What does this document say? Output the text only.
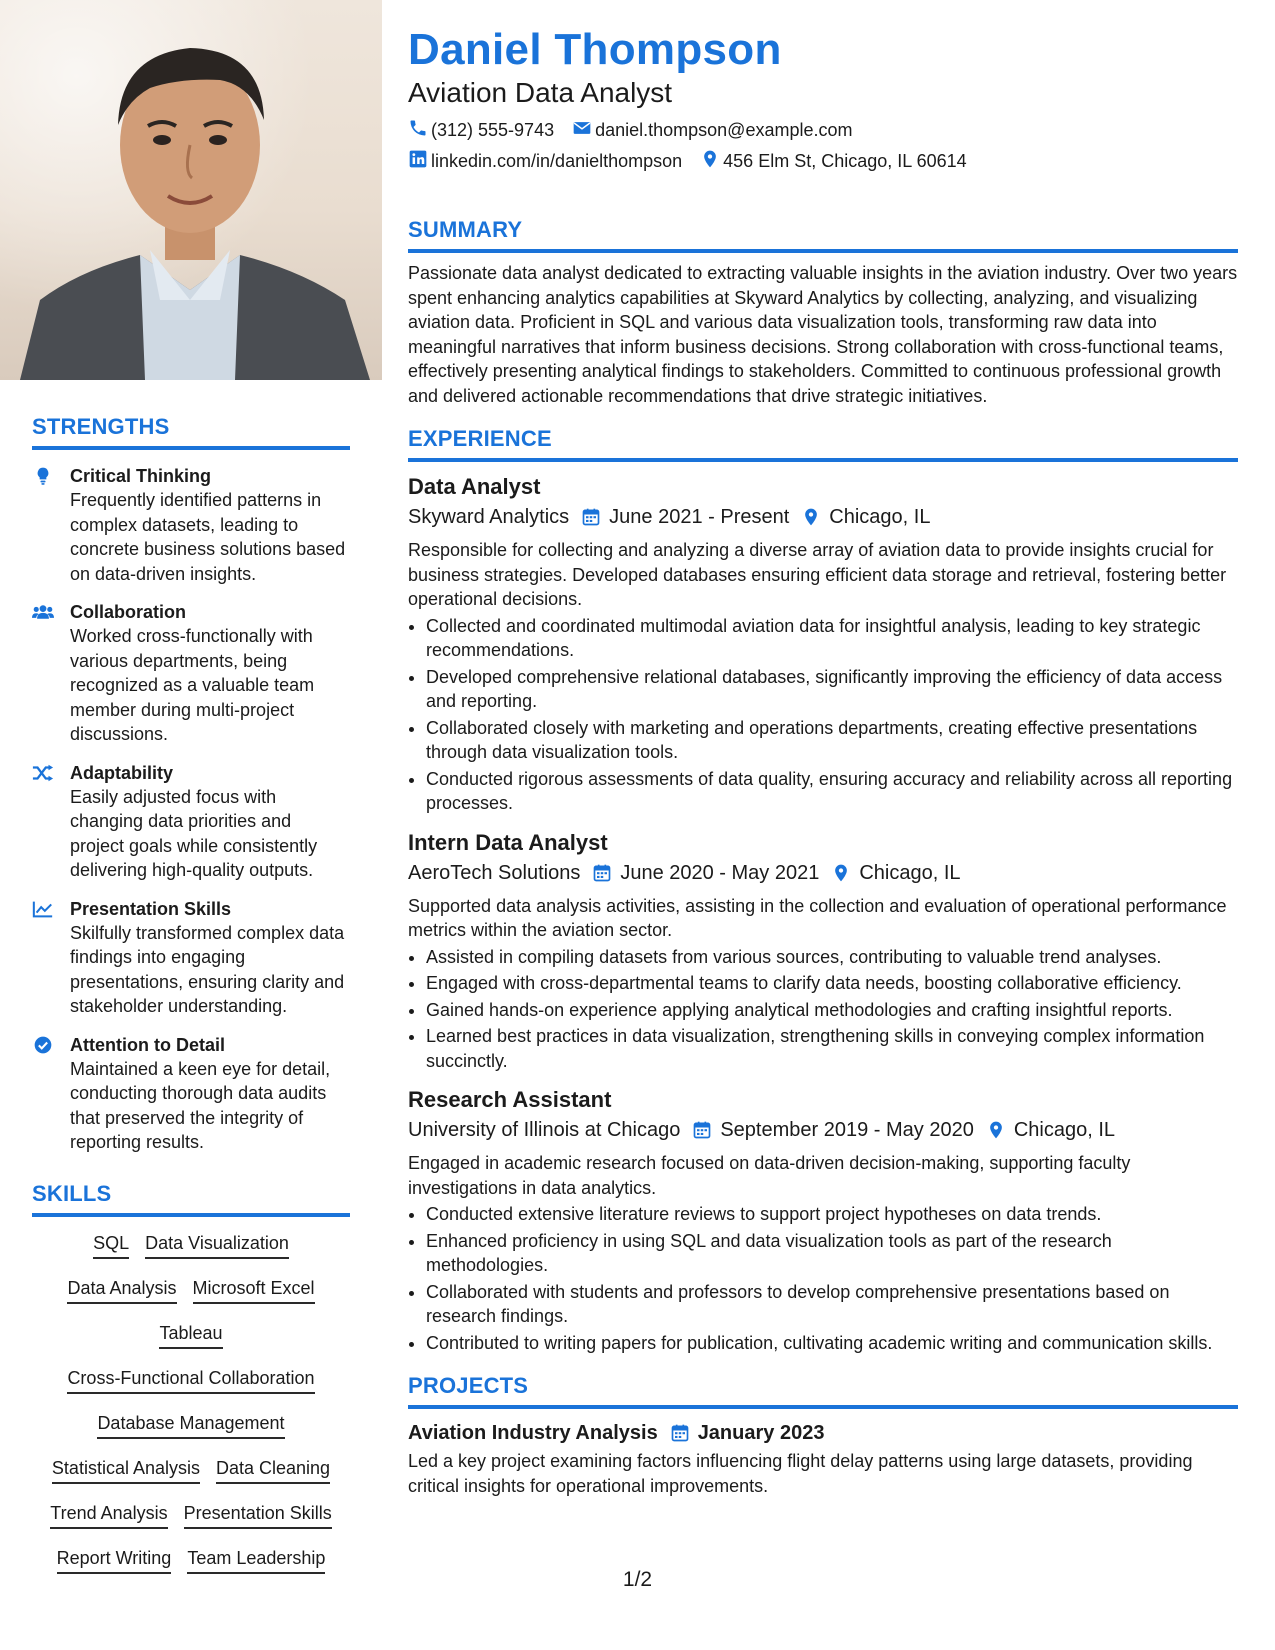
STRENGTHS
Critical Thinking
Frequently identified patterns in complex datasets, leading to concrete business solutions based on data-driven insights.
Collaboration
Worked cross-functionally with various departments, being recognized as a valuable team member during multi-project discussions.
Adaptability
Easily adjusted focus with changing data priorities and project goals while consistently delivering high-quality outputs.
Presentation Skills
Skilfully transformed complex data findings into engaging presentations, ensuring clarity and stakeholder understanding.
Attention to Detail
Maintained a keen eye for detail, conducting thorough data audits that preserved the integrity of reporting results.
SKILLS
SQL Data Visualization
Data Analysis Microsoft Excel
Tableau
Cross-Functional Collaboration
Database Management
Statistical Analysis Data Cleaning
Trend Analysis Presentation Skills
Report Writing Team Leadership
Daniel Thompson
Aviation Data Analyst
(312) 555-9743 daniel.thompson@example.com
linkedin.com/in/danielthompson 456 Elm St, Chicago, IL 60614
SUMMARY
Passionate data analyst dedicated to extracting valuable insights in the aviation industry. Over two years spent enhancing analytics capabilities at Skyward Analytics by collecting, analyzing, and visualizing aviation data. Proficient in SQL and various data visualization tools, transforming raw data into meaningful narratives that inform business decisions. Strong collaboration with cross-functional teams, effectively presenting analytical findings to stakeholders. Committed to continuous professional growth and delivered actionable recommendations that drive strategic initiatives.
EXPERIENCE
Data Analyst
Skyward Analytics June 2021 - Present Chicago, IL
Responsible for collecting and analyzing a diverse array of aviation data to provide insights crucial for business strategies. Developed databases ensuring efficient data storage and retrieval, fostering better operational decisions.
• Collected and coordinated multimodal aviation data for insightful analysis, leading to key strategic recommendations.
• Developed comprehensive relational databases, significantly improving the efficiency of data access and reporting.
• Collaborated closely with marketing and operations departments, creating effective presentations through data visualization tools.
• Conducted rigorous assessments of data quality, ensuring accuracy and reliability across all reporting processes.
Intern Data Analyst
AeroTech Solutions June 2020 - May 2021 Chicago, IL
Supported data analysis activities, assisting in the collection and evaluation of operational performance metrics within the aviation sector.
• Assisted in compiling datasets from various sources, contributing to valuable trend analyses.
• Engaged with cross-departmental teams to clarify data needs, boosting collaborative efficiency.
• Gained hands-on experience applying analytical methodologies and crafting insightful reports.
• Learned best practices in data visualization, strengthening skills in conveying complex information succinctly.
Research Assistant
University of Illinois at Chicago September 2019 - May 2020 Chicago, IL
Engaged in academic research focused on data-driven decision-making, supporting faculty investigations in data analytics.
• Conducted extensive literature reviews to support project hypotheses on data trends.
• Enhanced proficiency in using SQL and data visualization tools as part of the research methodologies.
• Collaborated with students and professors to develop comprehensive presentations based on research findings.
• Contributed to writing papers for publication, cultivating academic writing and communication skills.
PROJECTS
Aviation Industry Analysis January 2023
Led a key project examining factors influencing flight delay patterns using large datasets, providing critical insights for operational improvements.
1/2
